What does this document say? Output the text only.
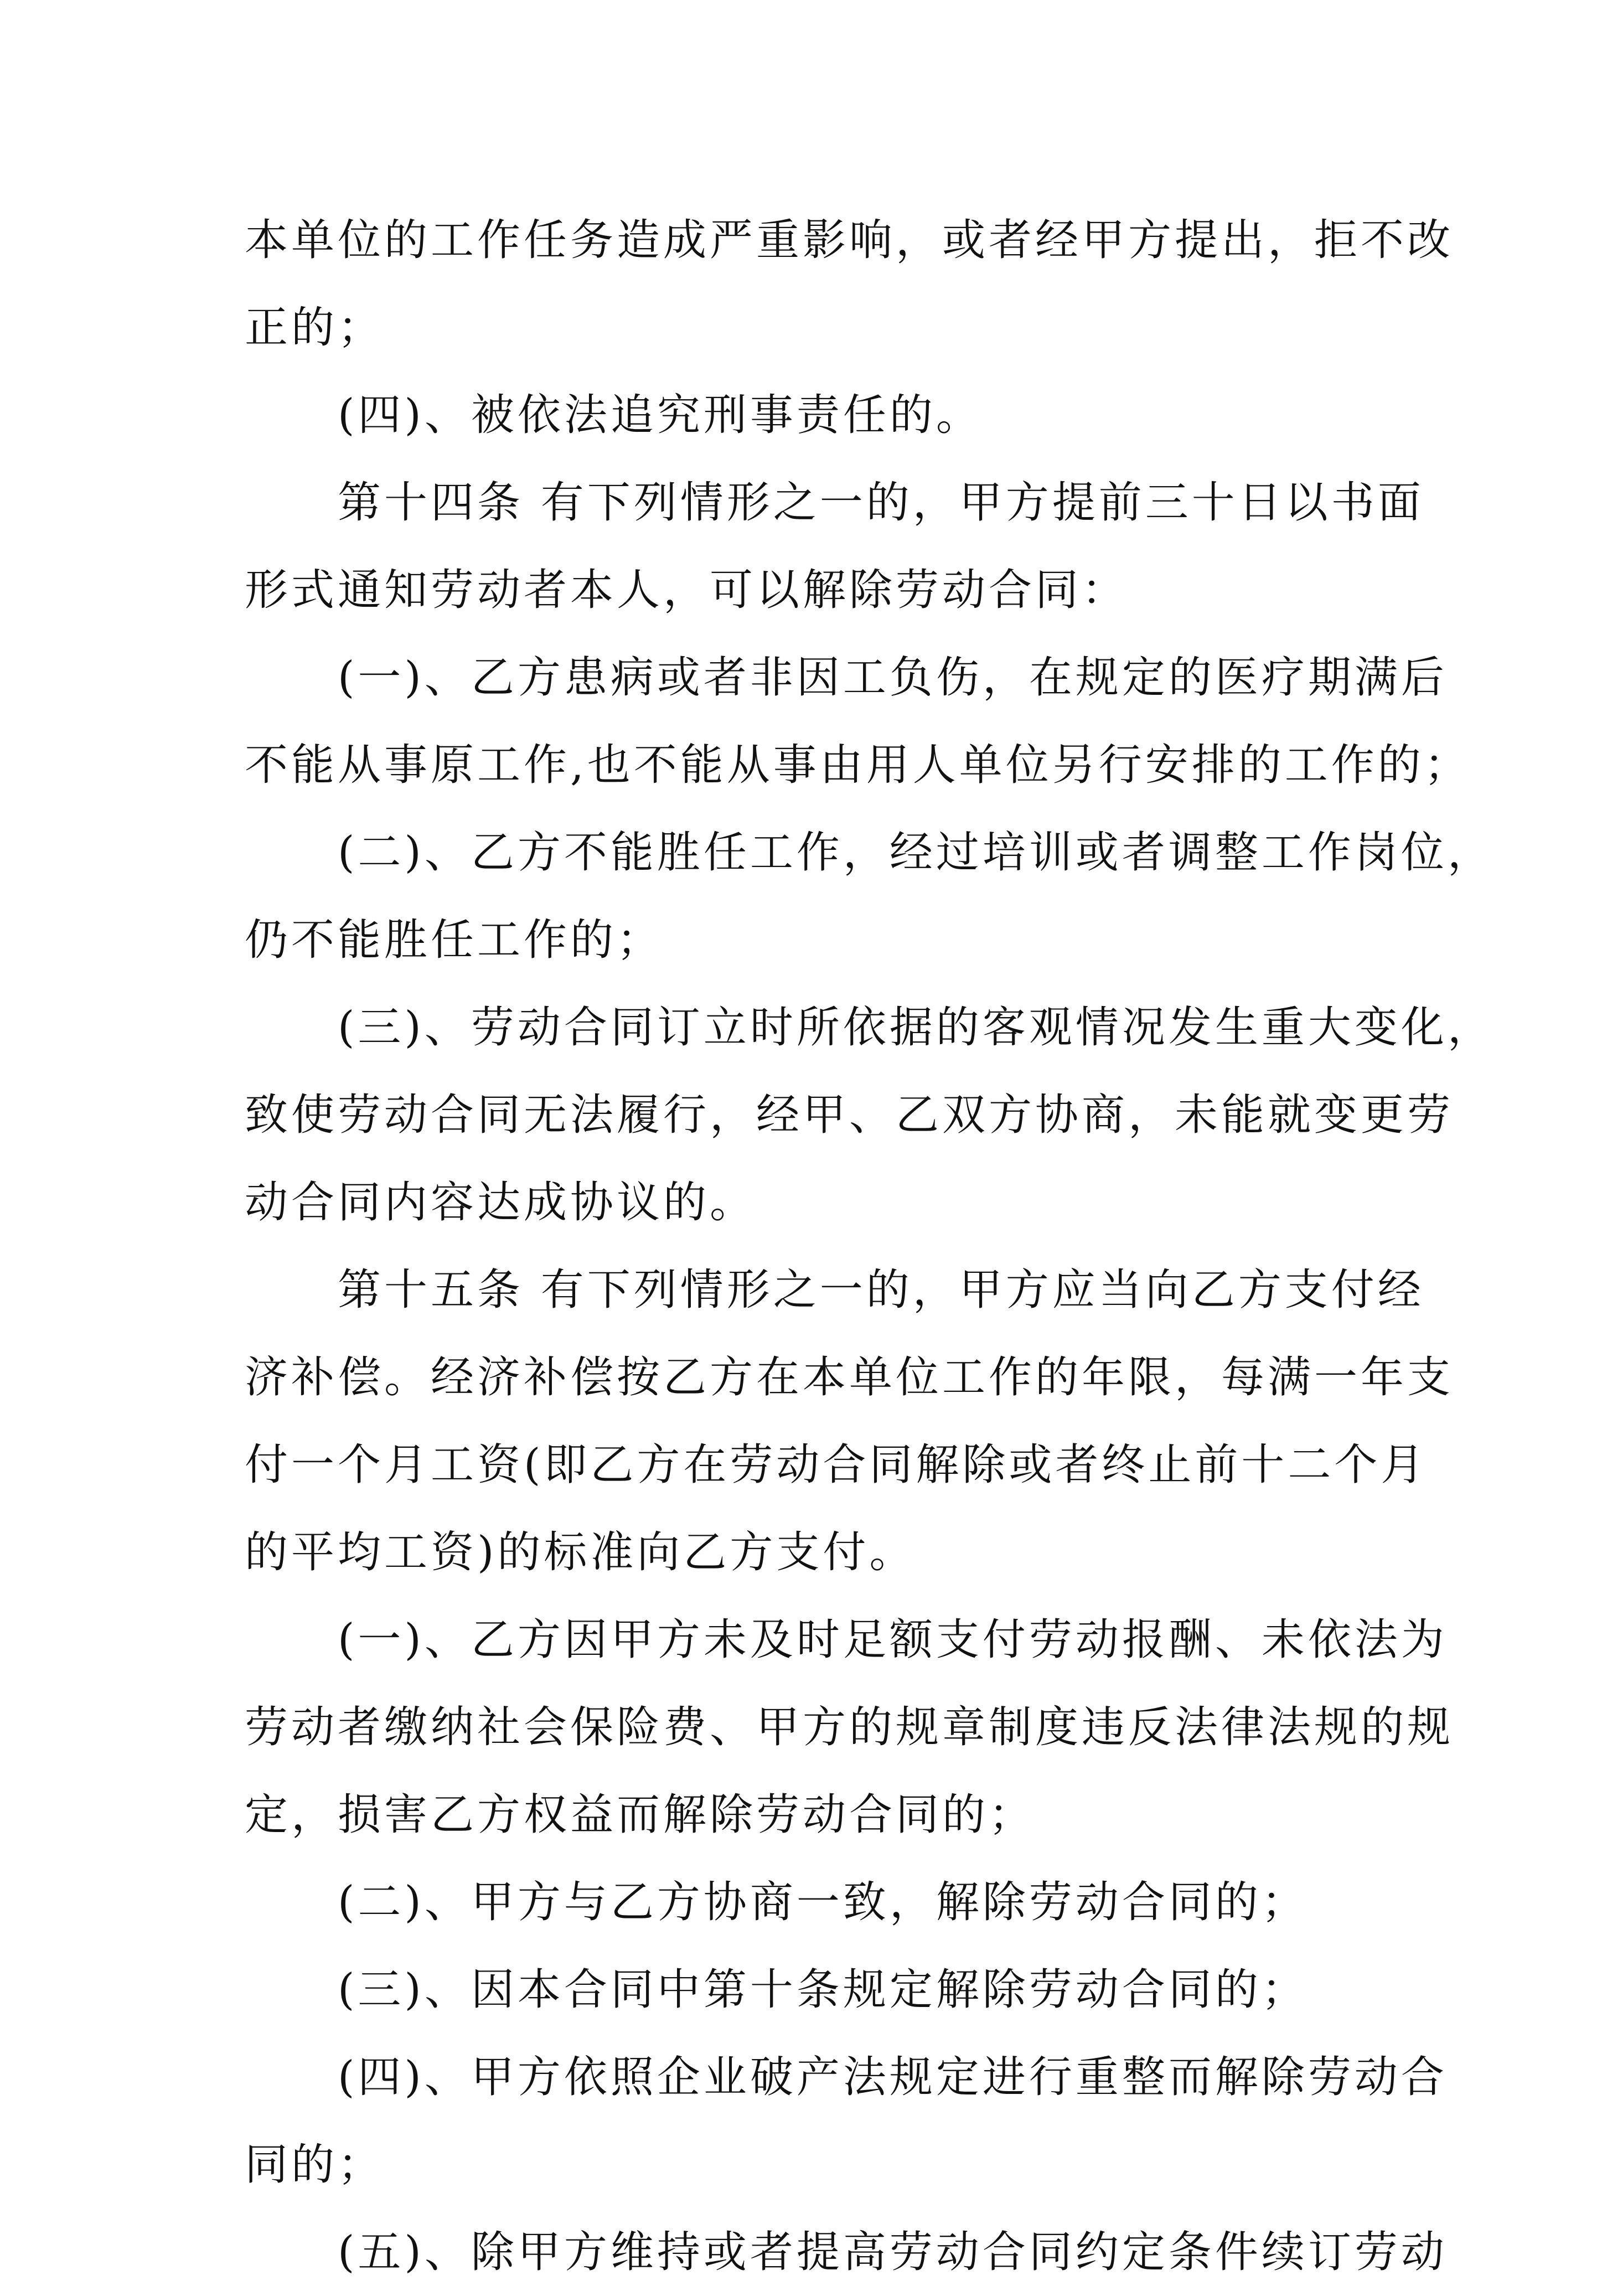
本单位的工作任务造成严重影响，或者经甲方提出，拒不改
正的；
(四)、被依法追究刑事责任的。
第十四条 有下列情形之一的，甲方提前三十日以书面
形式通知劳动者本人，可以解除劳动合同：
(一)、乙方患病或者非因工负伤，在规定的医疗期满后
不能从事原工作,也不能从事由用人单位另行安排的工作的；
(二)、乙方不能胜任工作，经过培训或者调整工作岗位，
仍不能胜任工作的；
(三)、劳动合同订立时所依据的客观情况发生重大变化，
致使劳动合同无法履行，经甲、乙双方协商，未能就变更劳
动合同内容达成协议的。
第十五条 有下列情形之一的，甲方应当向乙方支付经
济补偿。经济补偿按乙方在本单位工作的年限，每满一年支
付一个月工资(即乙方在劳动合同解除或者终止前十二个月
的平均工资)的标准向乙方支付。
(一)、乙方因甲方未及时足额支付劳动报酬、未依法为
劳动者缴纳社会保险费、甲方的规章制度违反法律法规的规
定，损害乙方权益而解除劳动合同的；
(二)、甲方与乙方协商一致，解除劳动合同的；
(三)、因本合同中第十条规定解除劳动合同的；
(四)、甲方依照企业破产法规定进行重整而解除劳动合
同的；
(五)、除甲方维持或者提高劳动合同约定条件续订劳动
